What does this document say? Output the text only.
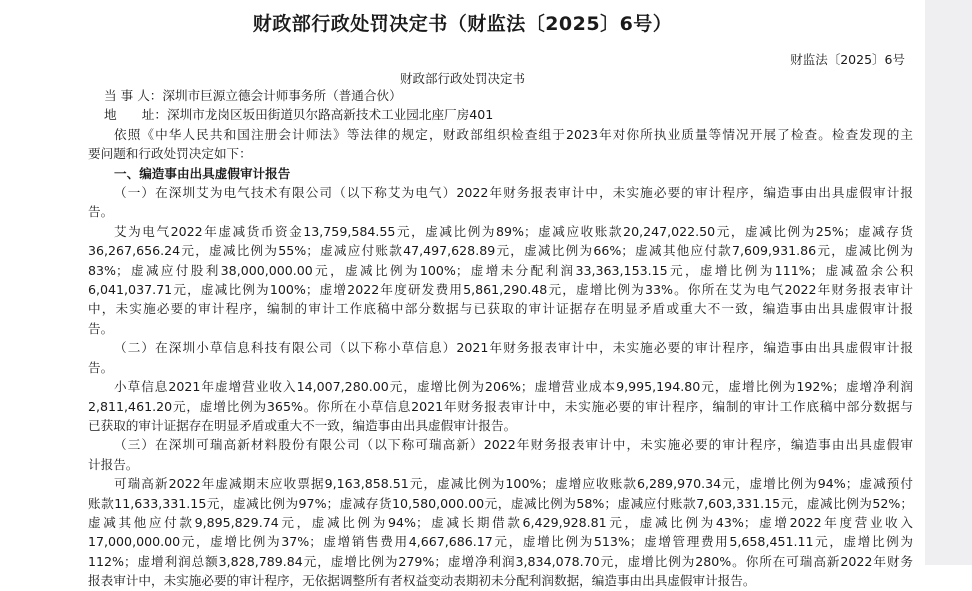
财政部行政处罚决定书（财监法〔2025〕6号）
财监法〔2025〕6号
财政部行政处罚决定书
当 事 人：深圳市巨源立德会计师事务所（普通合伙）
地　　址：深圳市龙岗区坂田街道贝尔路高新技术工业园北座厂房401
依照《中华人民共和国注册会计师法》等法律的规定，财政部组织检查组于2023年对你所执业质量等情况开展了检查。检查发现的主
要问题和行政处罚决定如下：
一、编造事由出具虚假审计报告
（一）在深圳艾为电气技术有限公司（以下称艾为电气）2022年财务报表审计中，未实施必要的审计程序，编造事由出具虚假审计报
告。
艾为电气2022年虚减货币资金13,759,584.55元，虚减比例为89%；虚减应收账款20,247,022.50元，虚减比例为25%；虚减存货
36,267,656.24元，虚减比例为55%；虚减应付账款47,497,628.89元，虚减比例为66%；虚减其他应付款7,609,931.86元，虚减比例为
83%；虚减应付股利38,000,000.00元，虚减比例为100%；虚增未分配利润33,363,153.15元，虚增比例为111%；虚减盈余公积
6,041,037.71元，虚减比例为100%；虚增2022年度研发费用5,861,290.48元，虚增比例为33%。你所在艾为电气2022年财务报表审计
中，未实施必要的审计程序，编制的审计工作底稿中部分数据与已获取的审计证据存在明显矛盾或重大不一致，编造事由出具虚假审计报
告。
（二）在深圳小草信息科技有限公司（以下称小草信息）2021年财务报表审计中，未实施必要的审计程序，编造事由出具虚假审计报
告。
小草信息2021年虚增营业收入14,007,280.00元，虚增比例为206%；虚增营业成本9,995,194.80元，虚增比例为192%；虚增净利润
2,811,461.20元，虚增比例为365%。你所在小草信息2021年财务报表审计中，未实施必要的审计程序，编制的审计工作底稿中部分数据与
已获取的审计证据存在明显矛盾或重大不一致，编造事由出具虚假审计报告。
（三）在深圳可瑞高新材料股份有限公司（以下称可瑞高新）2022年财务报表审计中，未实施必要的审计程序，编造事由出具虚假审
计报告。
可瑞高新2022年虚减期末应收票据9,163,858.51元，虚减比例为100%；虚增应收账款6,289,970.34元，虚增比例为94%；虚减预付
账款11,633,331.15元，虚减比例为97%；虚减存货10,580,000.00元，虚减比例为58%；虚减应付账款7,603,331.15元，虚减比例为52%；
虚减其他应付款9,895,829.74元，虚减比例为94%；虚减长期借款6,429,928.81元，虚减比例为43%；虚增2022年度营业收入
17,000,000.00元，虚增比例为37%；虚增销售费用4,667,686.17元，虚增比例为513%；虚增管理费用5,658,451.11元，虚增比例为
112%；虚增利润总额3,828,789.84元，虚增比例为279%；虚增净利润3,834,078.70元，虚增比例为280%。你所在可瑞高新2022年财务
报表审计中，未实施必要的审计程序，无依据调整所有者权益变动表期初未分配利润数据，编造事由出具虚假审计报告。
